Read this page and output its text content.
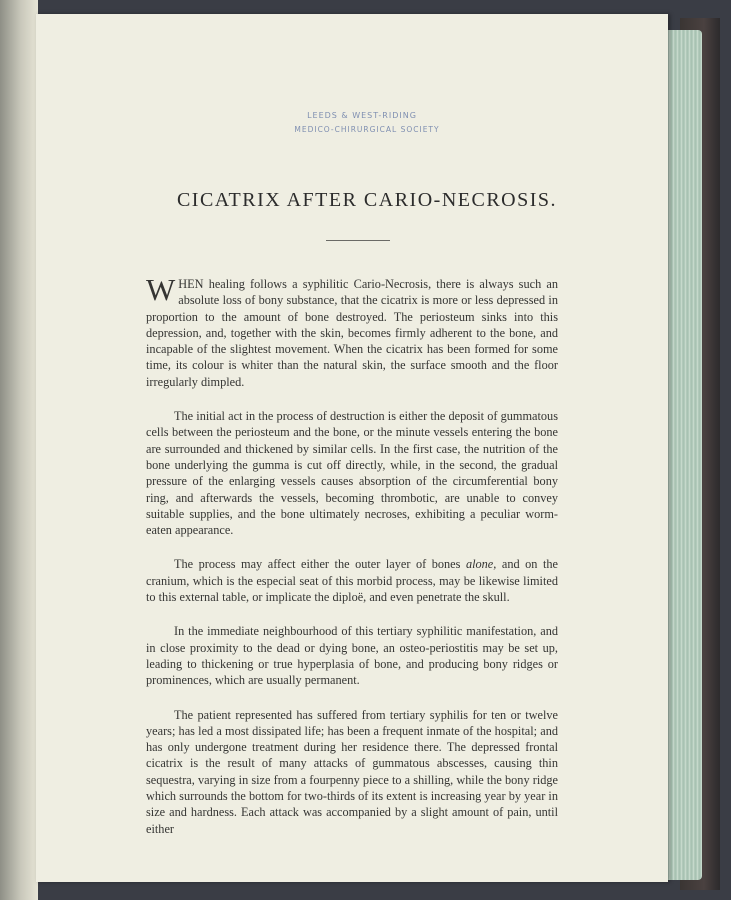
LEEDS & WEST-RIDING
MEDICO-CHIRURGICAL SOCIETY
CICATRIX AFTER CARIO-NECROSIS.

WHEN healing follows a syphilitic Cario-Necrosis, there is always such an absolute loss of bony substance, that the cicatrix is more or less depressed in proportion to the amount of bone destroyed. The periosteum sinks into this depression, and, together with the skin, becomes firmly adherent to the bone, and incapable of the slightest movement. When the cicatrix has been formed for some time, its colour is whiter than the natural skin, the surface smooth and the floor irregularly dimpled.

The initial act in the process of destruction is either the deposit of gummatous cells between the periosteum and the bone, or the minute vessels entering the bone are surrounded and thickened by similar cells. In the first case, the nutrition of the bone underlying the gumma is cut off directly, while, in the second, the gradual pressure of the enlarging vessels causes absorption of the circumferential bony ring, and afterwards the vessels, becoming thrombotic, are unable to convey suitable supplies, and the bone ultimately necroses, exhibiting a peculiar worm-eaten appearance.

The process may affect either the outer layer of bones alone, and on the cranium, which is the especial seat of this morbid process, may be likewise limited to this external table, or implicate the diploë, and even penetrate the skull.

In the immediate neighbourhood of this tertiary syphilitic manifestation, and in close proximity to the dead or dying bone, an osteo-periostitis may be set up, leading to thickening or true hyperplasia of bone, and producing bony ridges or prominences, which are usually permanent.

The patient represented has suffered from tertiary syphilis for ten or twelve years; has led a most dissipated life; has been a frequent inmate of the hospital; and has only undergone treatment during her residence there. The depressed frontal cicatrix is the result of many attacks of gummatous abscesses, causing thin sequestra, varying in size from a fourpenny piece to a shilling, while the bony ridge which surrounds the bottom for two-thirds of its extent is increasing year by year in size and hardness. Each attack was accompanied by a slight amount of pain, until either
